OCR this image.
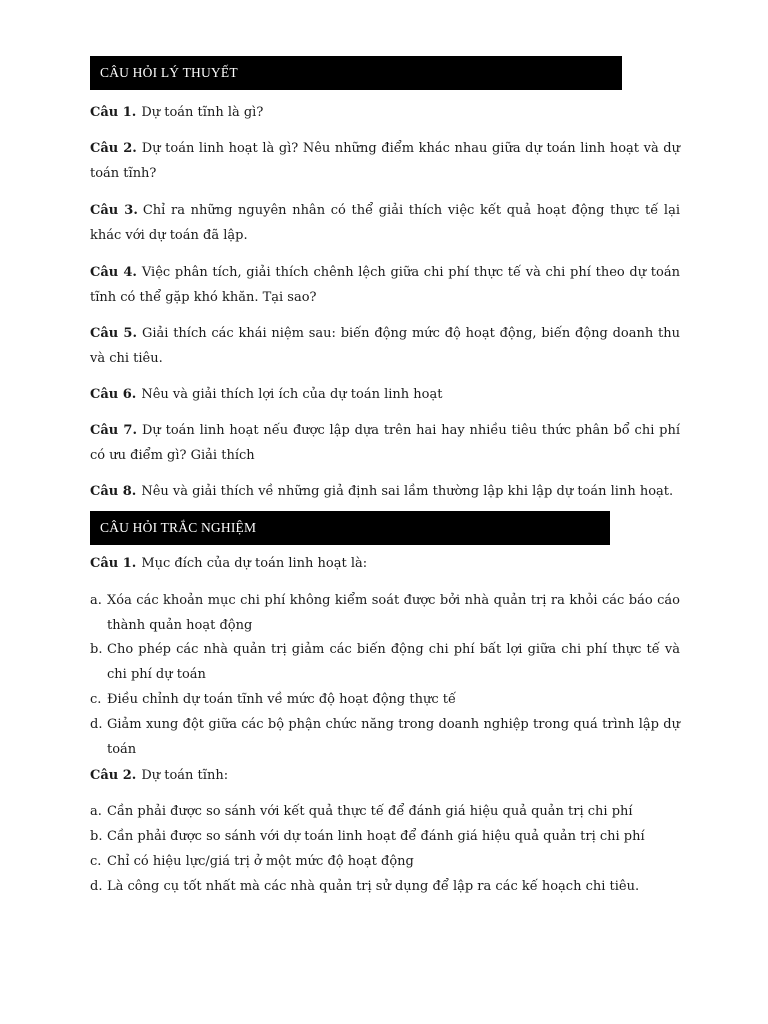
CÂU HỎI LÝ THUYẾT
Câu 1. Dự toán tĩnh là gì?
Câu 2. Dự toán linh hoạt là gì? Nêu những điểm khác nhau giữa dự toán linh hoạt và dự toán tĩnh?
Câu 3. Chỉ ra những nguyên nhân có thể giải thích việc kết quả hoạt động thực tế lại khác với dự toán đã lập.
Câu 4. Việc phân tích, giải thích chênh lệch giữa chi phí thực tế và chi phí theo dự toán tĩnh có thể gặp khó khăn. Tại sao?
Câu 5. Giải thích các khái niệm sau: biến động mức độ hoạt động, biến động doanh thu và chi tiêu.
Câu 6. Nêu và giải thích lợi ích của dự toán linh hoạt
Câu 7. Dự toán linh hoạt nếu được lập dựa trên hai hay nhiều tiêu thức phân bổ chi phí có ưu điểm gì? Giải thích
Câu 8. Nêu và giải thích về những giả định sai lầm thường lập khi lập dự toán linh hoạt.
CÂU HỎI TRẮC NGHIỆM
Câu 1. Mục đích của dự toán linh hoạt là:
a. Xóa các khoản mục chi phí không kiểm soát được bởi nhà quản trị ra khỏi các báo cáo thành quản hoạt động
b. Cho phép các nhà quản trị giảm các biến động chi phí bất lợi giữa chi phí thực tế và chi phí dự toán
c. Điều chỉnh dự toán tĩnh về mức độ hoạt động thực tế
d. Giảm xung đột giữa các bộ phận chức năng trong doanh nghiệp trong quá trình lập dự toán
Câu 2. Dự toán tĩnh:
a. Cần phải được so sánh với kết quả thực tế để đánh giá hiệu quả quản trị chi phí
b. Cần phải được so sánh với dự toán linh hoạt để đánh giá hiệu quả quản trị chi phí
c. Chỉ có hiệu lực/giá trị ở một mức độ hoạt động
d. Là công cụ tốt nhất mà các nhà quản trị sử dụng để lập ra các kế hoạch chi tiêu.
